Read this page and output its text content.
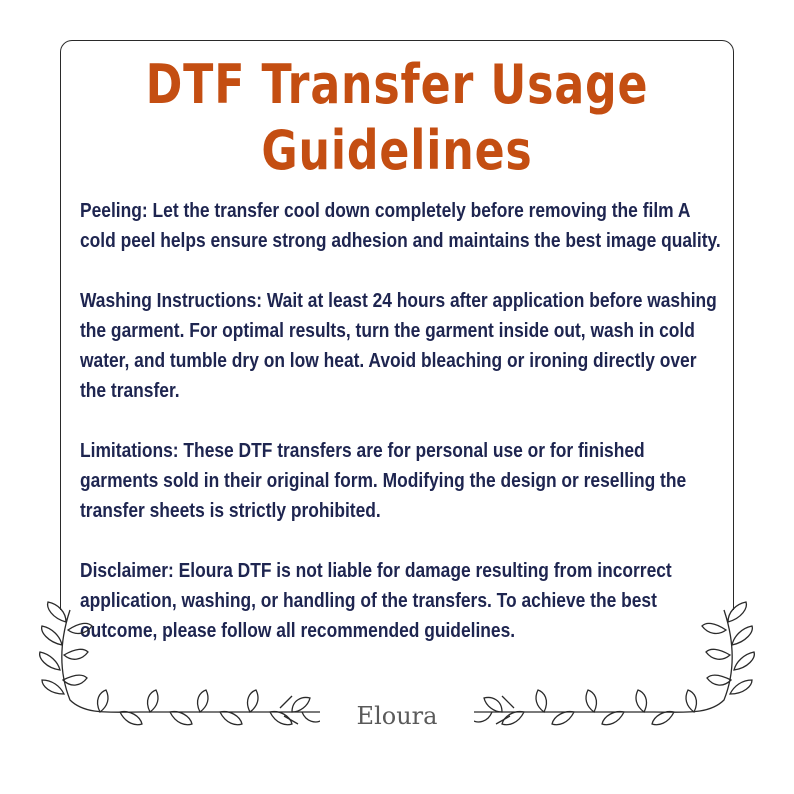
DTF Transfer Usage
Guidelines

Peeling: Let the transfer cool down completely before removing the film A cold peel helps ensure strong adhesion and maintains the best image quality.

Washing Instructions: Wait at least 24 hours after application before washing the garment. For optimal results, turn the garment inside out, wash in cold water, and tumble dry on low heat. Avoid bleaching or ironing directly over the transfer.

Limitations: These DTF transfers are for personal use or for finished garments sold in their original form. Modifying the design or reselling the transfer sheets is strictly prohibited.

Disclaimer: Eloura DTF is not liable for damage resulting from incorrect application, washing, or handling of the transfers. To achieve the best outcome, please follow all recommended guidelines.

Eloura
